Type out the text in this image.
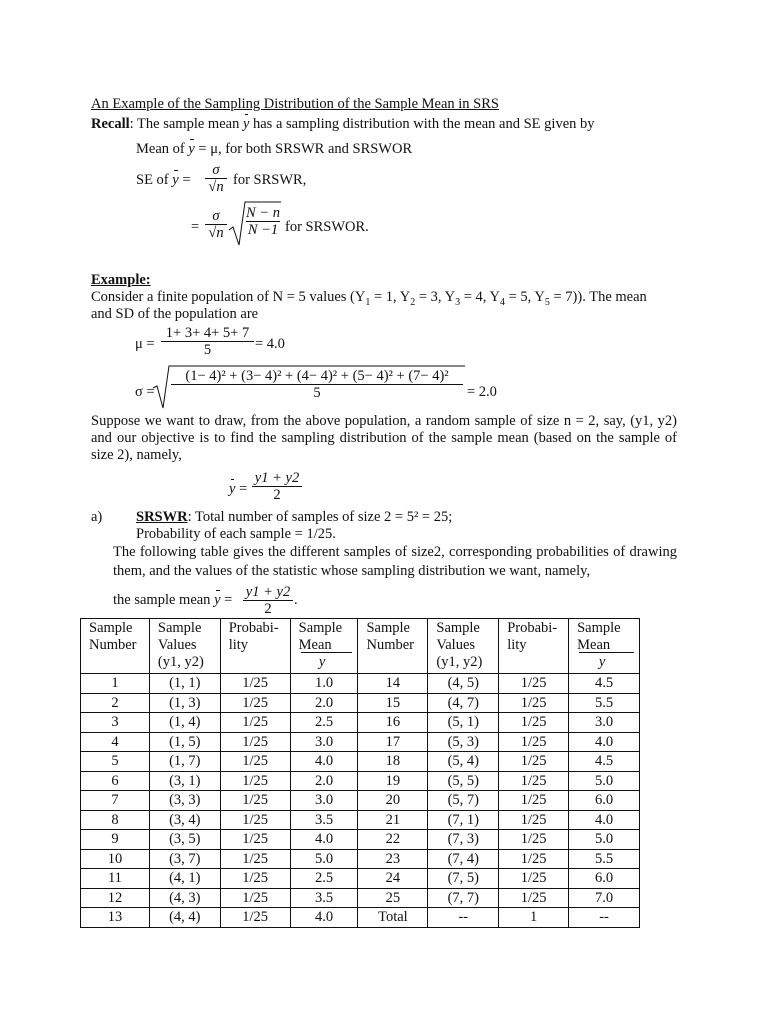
An Example of the Sampling Distribution of the Sample Mean in SRS
Recall: The sample mean y has a sampling distribution with the mean and SE given by
Mean of y = μ, for both SRSWR and SRSWOR
SE of y =
σ
√n for SRSWR,
=
σ
√n
N − n
N −1 for SRSWOR.
Example:
Consider a finite population of N = 5 values ($Y_1 = 1$, $Y_2 = 3$, $Y_3 = 4$, $Y_4 = 5$, $Y_5 = 7$)). The mean
and SD of the population are
μ =
1+ 3+ 4+ 5+ 7
5	= 4.0
σ =
(1− 4)² + (3− 4)² + (4− 4)² + (5− 4)² + (7− 4)²
5	= 2.0
Suppose we want to draw, from the above population, a random sample of size n = 2, say, (y1, y2) and our objective is to find the sampling distribution of the sample mean (based on the sample of size 2), namely,
y =
y1 + y2
2
a) SRSWR: Total number of samples of size 2 = 5² = 25;
Probability of each sample = 1/25.
The following table gives the different samples of size2, corresponding probabilities of drawing them, and the values of the statistic whose sampling distribution we want, namely,
the sample mean y = y1 + y2
2
.
Sample
Number	Sample
Values
(y1, y2)	Probabi-
lity	Sample
Mean
y	Sample
Number	Sample
Values
(y1, y2)	Probabi-
lity	Sample
Mean
y

1	(1, 1)	1/25	1.0	14	(4, 5)	1/25	4.5
2	(1, 3)	1/25	2.0	15	(4, 7)	1/25	5.5
3	(1, 4)	1/25	2.5	16	(5, 1)	1/25	3.0
4	(1, 5)	1/25	3.0	17	(5, 3)	1/25	4.0
5	(1, 7)	1/25	4.0	18	(5, 4)	1/25	4.5
6	(3, 1)	1/25	2.0	19	(5, 5)	1/25	5.0
7	(3, 3)	1/25	3.0	20	(5, 7)	1/25	6.0
8	(3, 4)	1/25	3.5	21	(7, 1)	1/25	4.0
9	(3, 5)	1/25	4.0	22	(7, 3)	1/25	5.0
10	(3, 7)	1/25	5.0	23	(7, 4)	1/25	5.5
11	(4, 1)	1/25	2.5	24	(7, 5)	1/25	6.0
12	(4, 3)	1/25	3.5	25	(7, 7)	1/25	7.0
13	(4, 4)	1/25	4.0	Total	--	1	--
